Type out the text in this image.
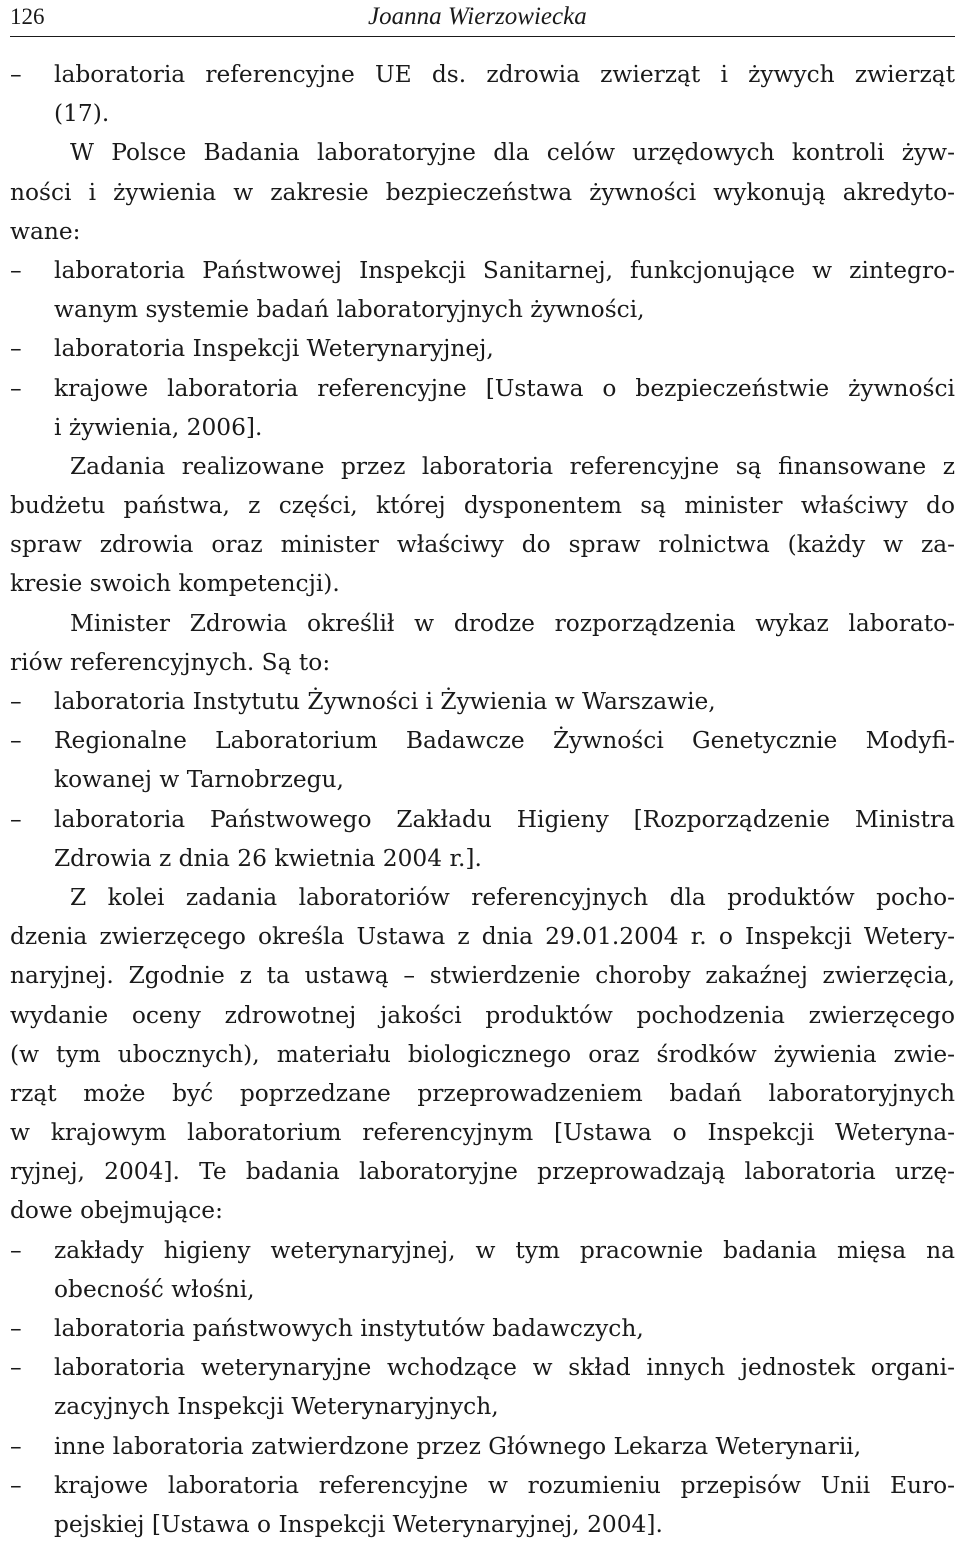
126	Joanna Wierzowiecka
–laboratoria referencyjne UE ds. zdrowia zwierząt i żywych zwierząt
(17).
W Polsce Badania laboratoryjne dla celów urzędowych kontroli żyw-
ności i żywienia w zakresie bezpieczeństwa żywności wykonują akredyto-
wane:
–laboratoria Państwowej Inspekcji Sanitarnej, funkcjonujące w zintegro-
wanym systemie badań laboratoryjnych żywności,
–laboratoria Inspekcji Weterynaryjnej,
–krajowe laboratoria referencyjne [Ustawa o bezpieczeństwie żywności
i żywienia, 2006].
Zadania realizowane przez laboratoria referencyjne są finansowane z
budżetu państwa, z części, której dysponentem są minister właściwy do
spraw zdrowia oraz minister właściwy do spraw rolnictwa (każdy w za-
kresie swoich kompetencji).
Minister Zdrowia określił w drodze rozporządzenia wykaz laborato-
riów referencyjnych. Są to:
–laboratoria Instytutu Żywności i Żywienia w Warszawie,
–Regionalne Laboratorium Badawcze Żywności Genetycznie Modyfi-
kowanej w Tarnobrzegu,
–laboratoria Państwowego Zakładu Higieny [Rozporządzenie Ministra
Zdrowia z dnia 26 kwietnia 2004 r.].
Z kolei zadania laboratoriów referencyjnych dla produktów pocho-
dzenia zwierzęcego określa Ustawa z dnia 29.01.2004 r. o Inspekcji Wetery-
naryjnej. Zgodnie z ta ustawą – stwierdzenie choroby zakaźnej zwierzęcia,
wydanie oceny zdrowotnej jakości produktów pochodzenia zwierzęcego
(w tym ubocznych), materiału biologicznego oraz środków żywienia zwie-
rząt może być poprzedzane przeprowadzeniem badań laboratoryjnych
w krajowym laboratorium referencyjnym [Ustawa o Inspekcji Weteryna-
ryjnej, 2004]. Te badania laboratoryjne przeprowadzają laboratoria urzę-
dowe obejmujące:
–zakłady higieny weterynaryjnej, w tym pracownie badania mięsa na
obecność włośni,
–laboratoria państwowych instytutów badawczych,
–laboratoria weterynaryjne wchodzące w skład innych jednostek organi-
zacyjnych Inspekcji Weterynaryjnych,
–inne laboratoria zatwierdzone przez Głównego Lekarza Weterynarii,
–krajowe laboratoria referencyjne w rozumieniu przepisów Unii Euro-
pejskiej [Ustawa o Inspekcji Weterynaryjnej, 2004].
